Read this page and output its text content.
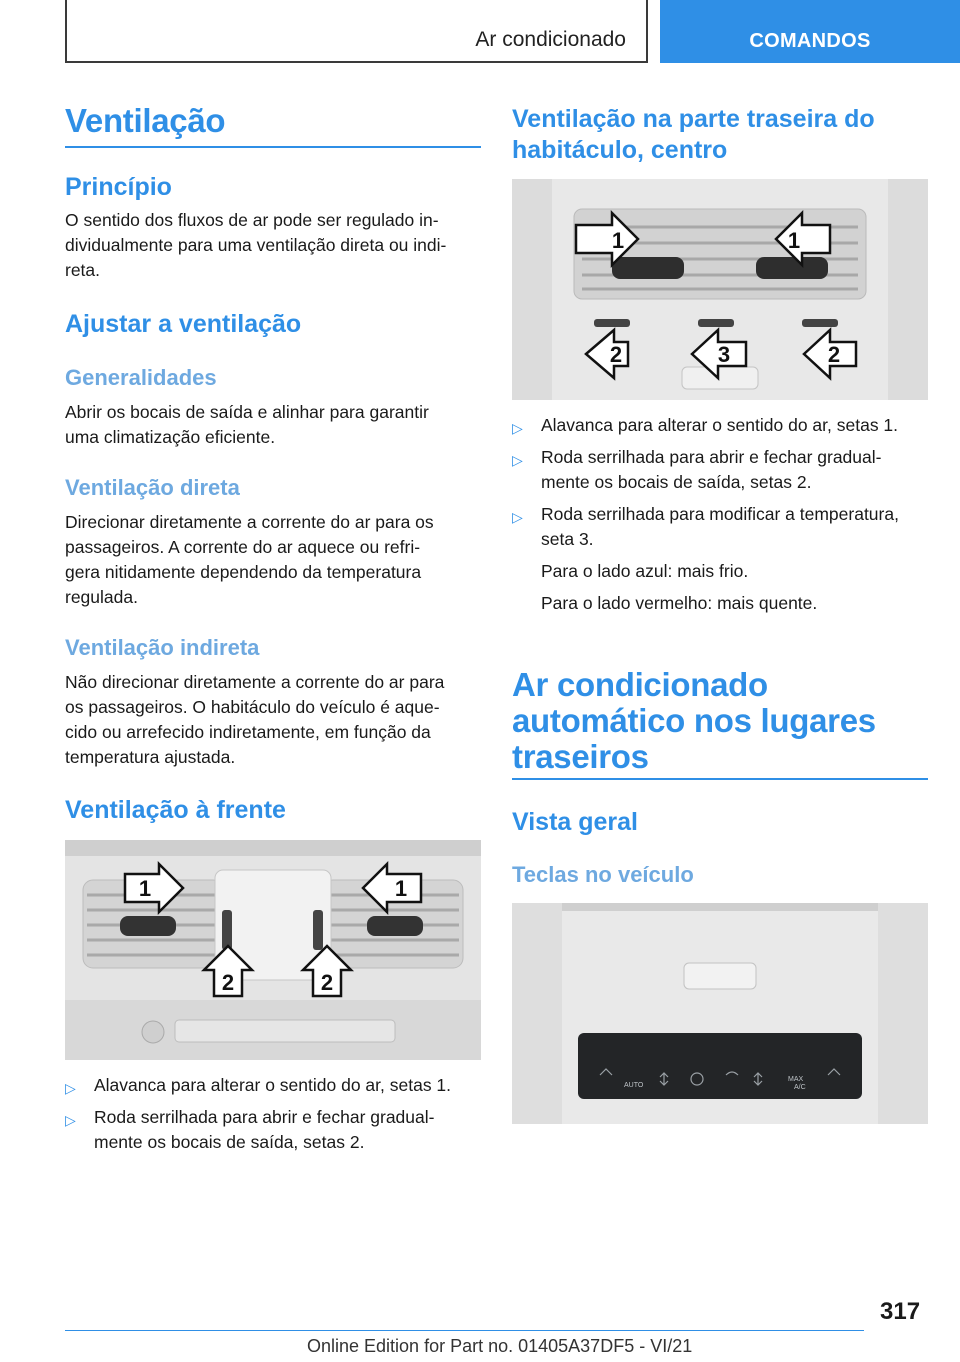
Ar condicionado	COMANDOS
Ventilação
Princípio

O sentido dos fluxos de ar pode ser regulado in-

dividualmente para uma ventilação direta ou indi-

reta.

Ajustar a ventilação
Generalidades

Abrir os bocais de saída e alinhar para garantir

uma climatização eficiente.

Ventilação direta

Direcionar diretamente a corrente do ar para os

passageiros. A corrente do ar aquece ou refri-

gera nitidamente dependendo da temperatura

regulada.

Ventilação indireta

Não direcionar diretamente a corrente do ar para

os passageiros. O habitáculo do veículo é aque-

cido ou arrefecido indiretamente, em função da

temperatura ajustada.

Ventilação à frente
1	1
2	2
▷ Alavanca para alterar o sentido do ar, setas 1.
▷ Roda serrilhada para abrir e fechar gradual-
mente os bocais de saída, setas 2.
Ventilação na parte traseira do
habitáculo, centro
1	1
2	3	2
▷ Alavanca para alterar o sentido do ar, setas 1.
▷ Roda serrilhada para abrir e fechar gradual-
mente os bocais de saída, setas 2.
▷ Roda serrilhada para modificar a temperatura,
seta 3.
Para o lado azul: mais frio.
Para o lado vermelho: mais quente.
Ar condicionado
automático nos lugares
traseiros
Vista geral
Teclas no veículo
AUTO
MAX
A/C
317
Online Edition for Part no. 01405A37DF5 - VI/21
